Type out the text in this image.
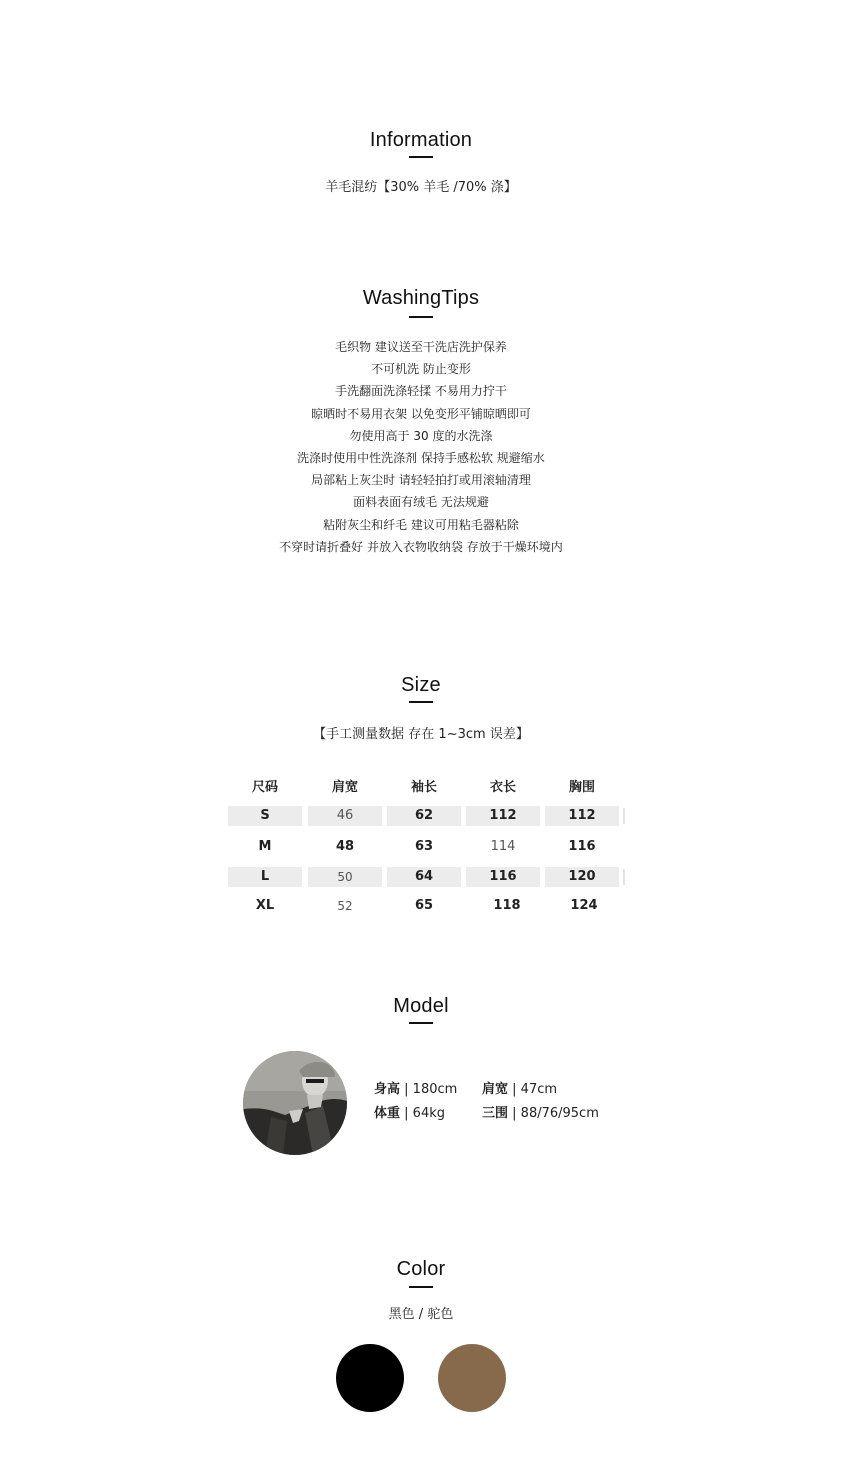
Information
羊毛混纺【30% 羊毛 /70% 涤】
WashingTips
毛织物 建议送至干洗店洗护保养
不可机洗 防止变形
手洗翻面洗涤轻揉 不易用力拧干
晾晒时不易用衣架 以免变形平铺晾晒即可
勿使用高于 30 度的水洗涤
洗涤时使用中性洗涤剂 保持手感松软 规避缩水
局部粘上灰尘时 请轻轻拍打或用滚轴清理
面料表面有绒毛 无法规避
粘附灰尘和纤毛 建议可用粘毛器粘除
不穿时请折叠好 并放入衣物收纳袋 存放于干燥环境内
Size
【手工测量数据 存在 1~3cm 误差】
尺码	肩宽	袖长	衣长	胸围
S	46	62	112	112
M	48	63	114	116
L	50	64	116	120
XL	52	65	118	124
Model
身高 | 180cm
体重 | 64kg
肩宽 | 47cm
三围 | 88/76/95cm
Color
黑色 / 驼色
